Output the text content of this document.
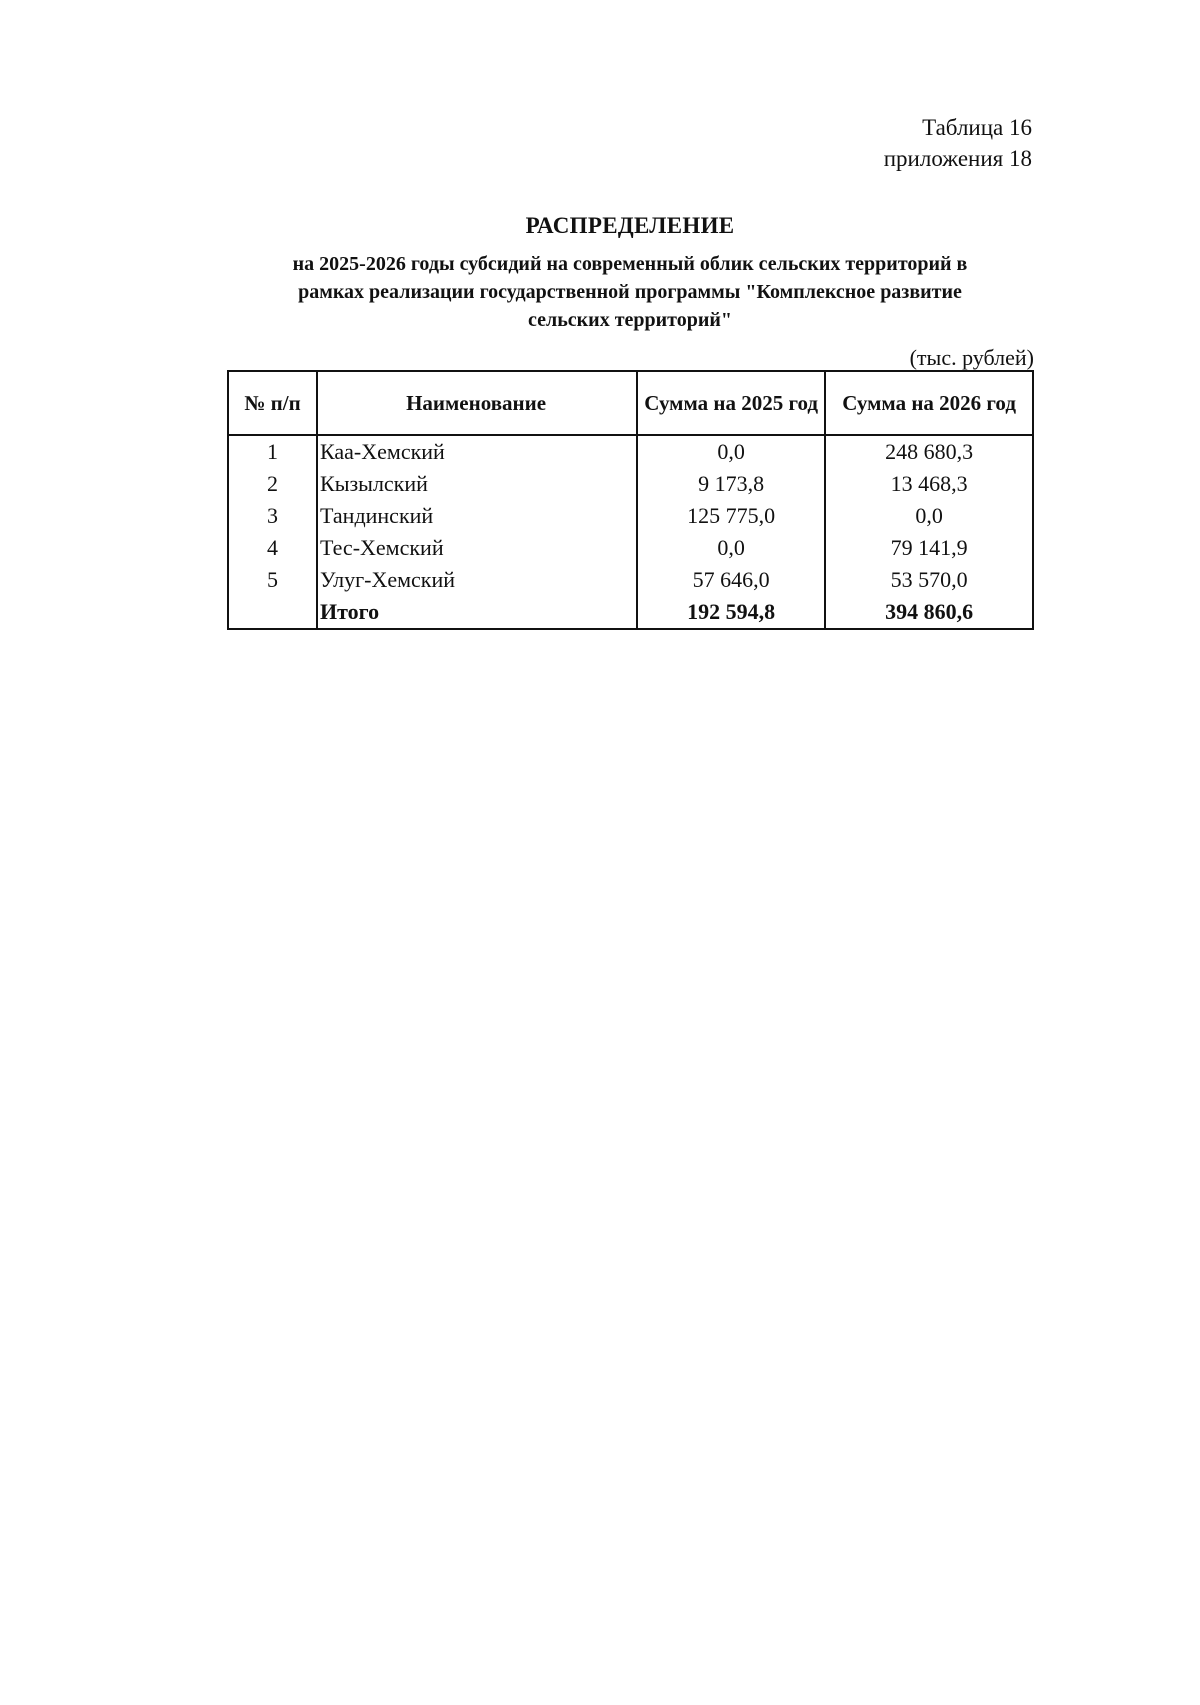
Таблица 16
приложения 18
РАСПРЕДЕЛЕНИЕ
на 2025-2026 годы субсидий на современный облик сельских территорий в
рамках реализации государственной программы "Комплексное развитие
сельских территорий"
(тыс. рублей)
№ п/п	Наименование	Сумма на 2025 год	Сумма на 2026 год
1	Каа-Хемский	0,0	248 680,3
2	Кызылский	9 173,8	13 468,3
3	Тандинский	125 775,0	0,0
4	Тес-Хемский	0,0	79 141,9
5	Улуг-Хемский	57 646,0	53 570,0
	Итого	192 594,8	394 860,6
